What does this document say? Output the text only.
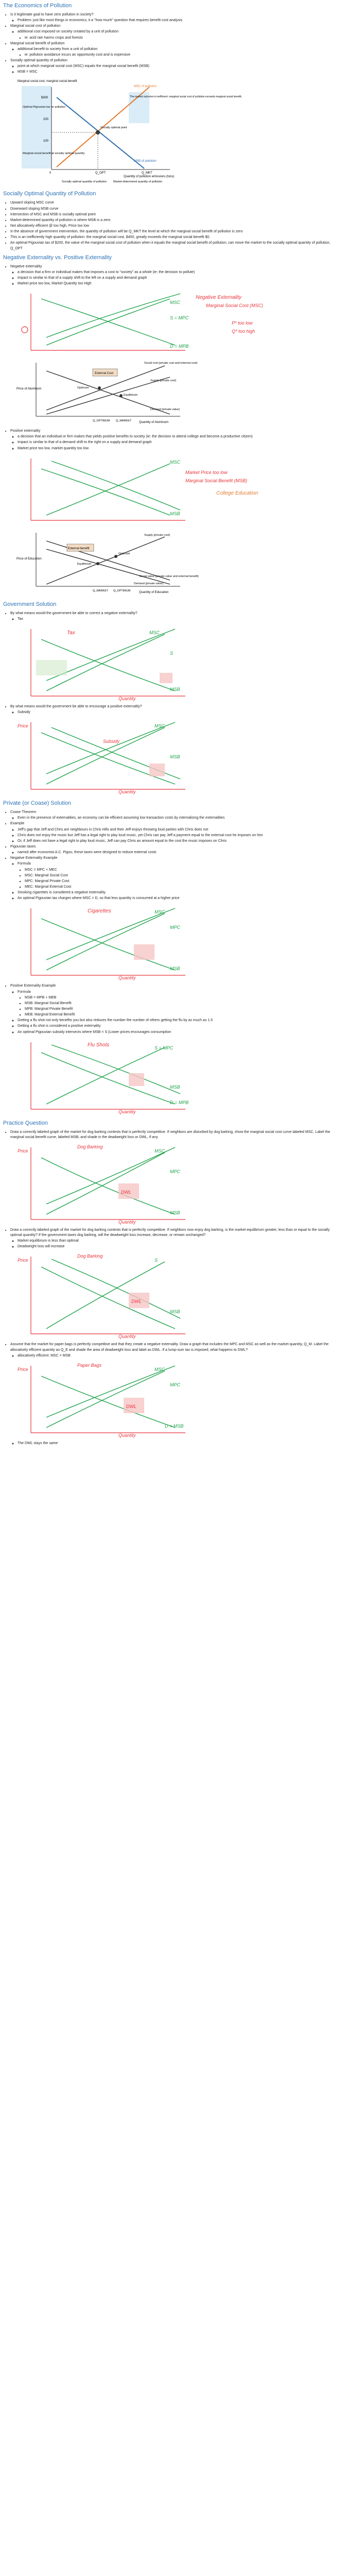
The Economics of Pollution
• Is it legitimate goal to have zero pollution in society?
◦ Problem: just like most things in economics, it a "how much" question that requires benefit cost analysis
• Marginal social cost of pollution
◦ additional cost imposed on society created by a unit of pollution
▪ ie: acid rain harms crops and forests
• Marginal social benefit of pollution
◦ additional benefit to society from a unit of pollution
▪ ie: pollution avoidance incurs an opportunity cost and is expensive
• Socially optimal quantity of pollution
◦ point at which marginal social cost (MSC) equals the marginal social benefit (MSB)
◦ MSB = MSC
Marginal social cost, marginal social benefit
Quantity of pollution emissions (tons)
MSC of pollution
MSB of pollution
$300
200
100
0	Q_OPT	Q_MKT
Optimal Pigouvian tax on pollution
Socially optimal point
The market outcome is inefficient: marginal social cost of pollution exceeds marginal social benefit.
Socially optimal quantity of pollution Market-determined quantity of pollution
Marginal social benefit at socially optimal quantity
Socially Optimal Quantity of Pollution
• Upward sloping MSC curve
• Downward sloping MSB curve
• Intersection of MSC and MSB is socially optimal point
• Market-determined quantity of pollution is where MSB is a zero
• Not allocatively efficient @ too high, Price too low
• In the absence of government intervention, the quantity of pollution will be Q_MKT the level at which the marginal social benefit of pollution is zero
• This is an inefficiently high quantity of pollution: the marginal social cost, $400, greatly exceeds the marginal social benefit $0.
• An optimal Pigouvian tax of $200, the value of the marginal social cost of pollution when it equals the marginal social benefit of pollution, can move the market to the socially optimal quantity of pollution, Q_OPT
Negative Externality vs. Positive Externality
• Negative externality
◦ a decision that a firm or individual makes that imposes a cost to "society" as a whole (ie: the decision to pollute)
◦ Impact is similar to that of a supply shift to the left on a supply and demand graph
◦ Market price too low, Market Quantity too High
Negative Externality
Marginal Social Cost (MSC)
MSC
S = MPC
P* too low
Q* too high
D = MPB
Price of Aluminum
External Cost
Social cost (private cost and external cost)
Supply (private cost)
Demand (private value)
Optimum
Equilibrium
Q_OPTIMUM Q_MARKET Quantity of Aluminum
• Positive externality
◦ a decision that an individual or firm makes that yields positive benefits to society (ie: the decision to attend college and become a productive citizen)
◦ Impact is similar to that of a demand shift to the right on a supply and demand graph
◦ Market price too low, market quantity too low
MSC
Market Price too low
Marginal Social Benefit (MSB)
MSB
College Education
Price of Education
External benefit
Supply (private cost)
Social value (private value and external benefit)
Demand (private value)
Optimum
Equilibrium
Q_MARKET Q_OPTIMUM	Quantity of Education
Government Solution
• By what means would the government be able to correct a negative externality?
◦ Tax
Tax	MSC
S
MSB
Quantity
• By what means would the government be able to encourage a positive externality?
◦ Subsidy
Price	MSC
Subsidy
MSB
Quantity
Private (or Coase) Solution
• Coase Theorem
◦ Even in the presence of externalities, an economy can be efficient assuming low transaction costs by internalizing the externalities
• Example
◦ Jeff's gap that Jeff and Chris are neighbours in Chris Hills and their Jeff enjoys throwing loud parties with Chris does not
◦ Chris does not enjoy the music but Jeff has a legal right to play loud music, yet Chris can pay Jeff a payment equal to the external cost he imposes on him
◦ Or, if Jeff does not have a legal right to play loud music, Jeff can pay Chris an amount equal to the cost the music imposes on Chris
• Pigouvian taxes
◦ named after economist A.C. Pigou, these taxes were designed to reduce external costs
• Negative Externality Example
◦ Formula
▪ MSC = MPC + MEC
▪ MSC: Marginal Social Cost
▪ MPC: Marginal Private Cost
▪ MEC: Marginal External Cost
◦ Smoking cigarettes is considered a negative externality
◦ An optimal Pigouvian tax charges where MSC = D, so that less quantity is consumed at a higher price
Cigarettes	MSC
MPC
MSB
Quantity
• Positive Externality Example
◦ Formula
▪ MSB = MPB + MEB
▪ MSB: Marginal Social Benefit
▪ MPB: Marginal Private Benefit
▪ MEB: Marginal External Benefit
◦ Getting a flu shot not only benefits you but also reduces the number the number of others getting the flu by as much as 1.5
◦ Getting a flu shot is considered a positive externality
◦ An optimal Pigouvian subsidy intersects where MSB = S (Lower prices encourages consumption
Flu Shots	S = MPC
MSB
D = MPB
Quantity
Practice Question
• Draw a correctly labeled graph of the market for dog barking contests that is perfectly competitive. If neighbors are disturbed by dog barking, show the marginal social cost curve labeled MSC. Label the marginal social benefit curve, labeled MSB, and shade in the deadweight loss or DWL, if any.
Price	MSC
MPC
DWL
MSB
Dog Barking
Quantity
• Draw a correctly labeled graph of the market for dog barking contests that is perfectly competitive. If neighbors now enjoy dog barking, is the market equilibrium greater, less than or equal to the socially optimal quantity? If the government taxes dog barking, will the deadweight loss increase, decrease, or remain unchanged?
◦ Market equilibrium is less than optimal
◦ Deadweight loss will increase
Price	S
MSB
DWL
Dog Barking
Quantity
• Assume that the market for paper bags is perfectly competitive and that they create a negative externality. Draw a graph that includes the MPC and MSC as well as the market quantity, Q_M. Label the allocatively efficient quantity as Q_E and shade the area of deadweight loss and label as DWL. If a lump-sum tax is imposed, what happens to DWL?
◦ allocatively efficient: MSC = MSB
Price	MSC
MPC
DWL
D = MSB
Paper Bags
Quantity
◦ The DWL stays the same
